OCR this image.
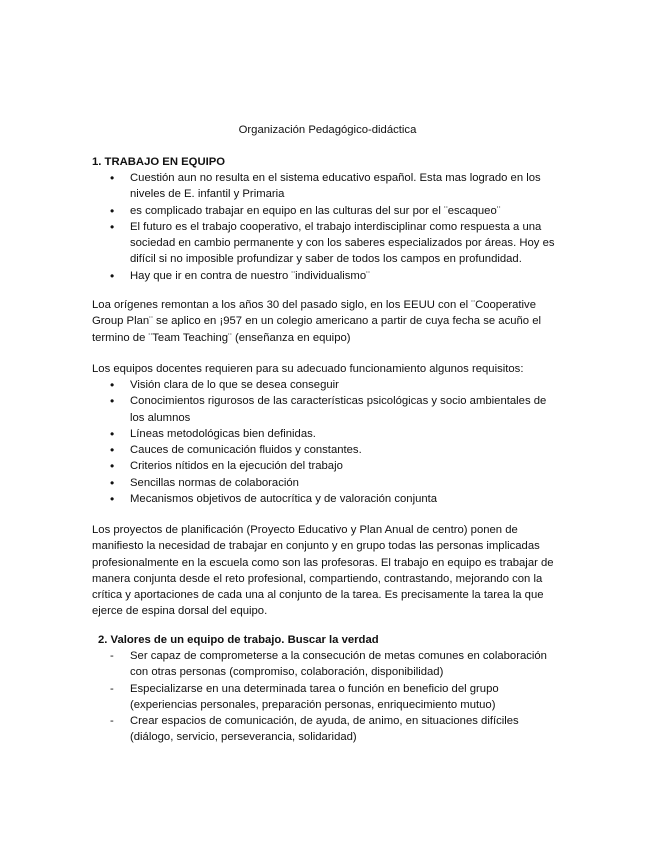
Organización Pedagógico-didáctica
1. TRABAJO EN EQUIPO
• Cuestión aun no resulta en el sistema educativo español. Esta mas logrado en los niveles de E. infantil y Primaria
• es complicado trabajar en equipo en las culturas del sur por el ¨escaqueo¨
• El futuro es el trabajo cooperativo, el trabajo interdisciplinar como respuesta a una sociedad en cambio permanente y con los saberes especializados por áreas. Hoy es difícil si no imposible profundizar y saber de todos los campos en profundidad.
• Hay que ir en contra de nuestro ¨individualismo¨

Loa orígenes remontan a los años 30 del pasado siglo, en los EEUU con el ¨Cooperative Group Plan¨ se aplico en ¡957 en un colegio americano a partir de cuya fecha se acuño el termino de ¨Team Teaching¨ (enseñanza en equipo)

Los equipos docentes requieren para su adecuado funcionamiento algunos requisitos:

• Visión clara de lo que se desea conseguir
• Conocimientos rigurosos de las características psicológicas y socio ambientales de los alumnos
• Líneas metodológicas bien definidas.
• Cauces de comunicación fluidos y constantes.
• Criterios nítidos en la ejecución del trabajo
• Sencillas normas de colaboración
• Mecanismos objetivos de autocrítica y de valoración conjunta

Los proyectos de planificación (Proyecto Educativo y Plan Anual de centro) ponen de manifiesto la necesidad de trabajar en conjunto y en grupo todas las personas implicadas profesionalmente en la escuela como son las profesoras. El trabajo en equipo es trabajar de manera conjunta desde el reto profesional, compartiendo, contrastando, mejorando con la crítica y aportaciones de cada una al conjunto de la tarea. Es precisamente la tarea la que ejerce de espina dorsal del equipo.

2. Valores de un equipo de trabajo. Buscar la verdad
- Ser capaz de comprometerse a la consecución de metas comunes en colaboración con otras personas (compromiso, colaboración, disponibilidad)
- Especializarse en una determinada tarea o función en beneficio del grupo (experiencias personales, preparación personas, enriquecimiento mutuo)
- Crear espacios de comunicación, de ayuda, de animo, en situaciones difíciles (diálogo, servicio, perseverancia, solidaridad)
